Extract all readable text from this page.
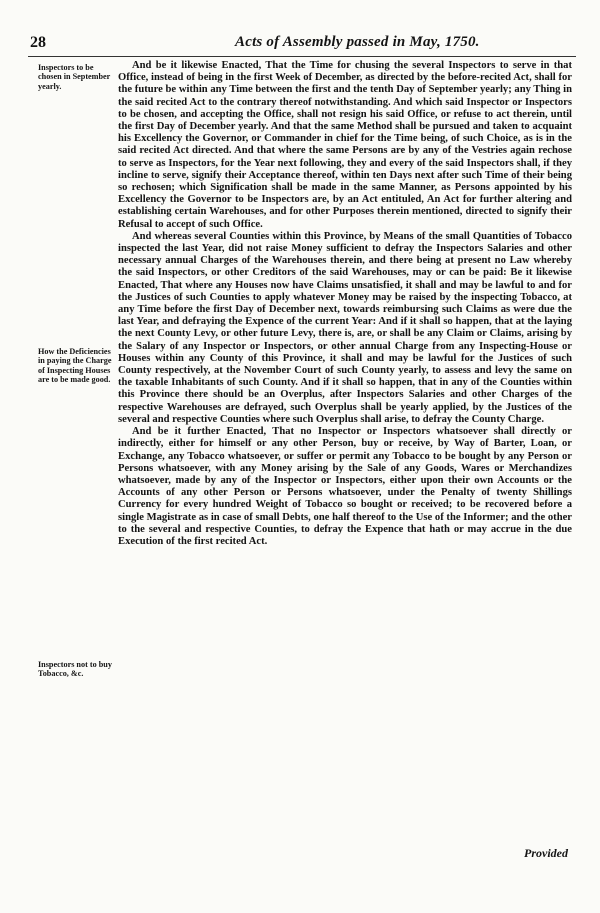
28	Acts of Assembly passed in May, 1750.
Inspectors to be chosen in September yearly.
How the Deficiencies in paying the Charge of Inspecting Houses are to be made good.
Inspectors not to buy Tobacco, &c.

And be it likewise Enacted, That the Time for chusing the several Inspectors to serve in that Office, instead of being in the first Week of December, as directed by the before-recited Act, shall for the future be within any Time between the first and the tenth Day of September yearly; any Thing in the said recited Act to the contrary thereof notwithstanding. And which said Inspector or Inspectors to be chosen, and accepting the Office, shall not resign his said Office, or refuse to act therein, until the first Day of December yearly. And that the same Method shall be pursued and taken to acquaint his Excellency the Governor, or Commander in chief for the Time being, of such Choice, as is in the said recited Act directed. And that where the same Persons are by any of the Vestries again rechose to serve as Inspectors, for the Year next following, they and every of the said Inspectors shall, if they incline to serve, signify their Acceptance thereof, within ten Days next after such Time of their being so rechosen; which Signification shall be made in the same Manner, as Persons appointed by his Excellency the Governor to be Inspectors are, by an Act entituled, An Act for further altering and establishing certain Warehouses, and for other Purposes therein mentioned, directed to signify their Refusal to accept of such Office.

And whereas several Counties within this Province, by Means of the small Quantities of Tobacco inspected the last Year, did not raise Money sufficient to defray the Inspectors Salaries and other necessary annual Charges of the Warehouses therein, and there being at present no Law whereby the said Inspectors, or other Creditors of the said Warehouses, may or can be paid: Be it likewise Enacted, That where any Houses now have Claims unsatisfied, it shall and may be lawful to and for the Justices of such Counties to apply whatever Money may be raised by the inspecting Tobacco, at any Time before the first Day of December next, towards reimbursing such Claims as were due the last Year, and defraying the Expence of the current Year: And if it shall so happen, that at the laying the next County Levy, or other future Levy, there is, are, or shall be any Claim or Claims, arising by the Salary of any Inspector or Inspectors, or other annual Charge from any Inspecting-House or Houses within any County of this Province, it shall and may be lawful for the Justices of such County respectively, at the November Court of such County yearly, to assess and levy the same on the taxable Inhabitants of such County. And if it shall so happen, that in any of the Counties within this Province there should be an Overplus, after Inspectors Salaries and other Charges of the respective Warehouses are defrayed, such Overplus shall be yearly applied, by the Justices of the several and respective Counties where such Overplus shall arise, to defray the County Charge.

And be it further Enacted, That no Inspector or Inspectors whatsoever shall directly or indirectly, either for himself or any other Person, buy or receive, by Way of Barter, Loan, or Exchange, any Tobacco whatsoever, or suffer or permit any Tobacco to be bought by any Person or Persons whatsoever, with any Money arising by the Sale of any Goods, Wares or Merchandizes whatsoever, made by any of the Inspector or Inspectors, either upon their own Accounts or the Accounts of any other Person or Persons whatsoever, under the Penalty of twenty Shillings Currency for every hundred Weight of Tobacco so bought or received; to be recovered before a single Magistrate as in case of small Debts, one half thereof to the Use of the Informer; and the other to the several and respective Counties, to defray the Expence that hath or may accrue in the due Execution of the first recited Act.

Provided
